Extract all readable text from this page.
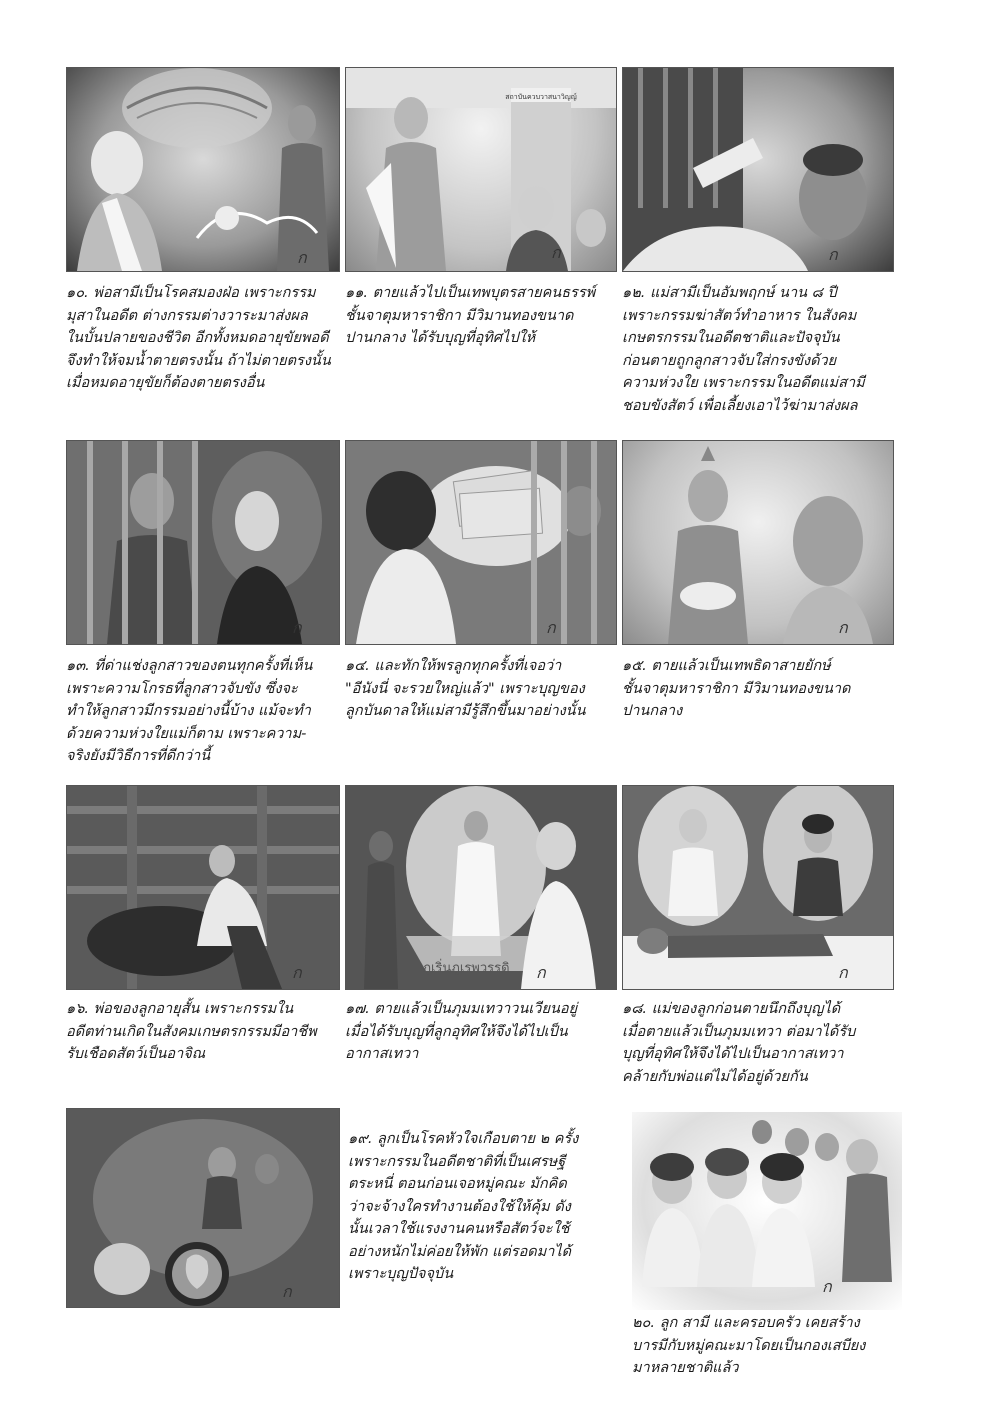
ก
สถาบันควบวาสนาวิญญ์
ก	ก
๑๐. พ่อสามีเป็นโรคสมองฝ่อ เพราะกรรม
มุสาในอดีต ต่างกรรมต่างวาระมาส่งผล
ในบั้นปลายของชีวิต อีกทั้งหมดอายุขัยพอดี
จึงทำให้จมน้ำตายตรงนั้น ถ้าไม่ตายตรงนั้น
เมื่อหมดอายุขัยก็ต้องตายตรงอื่น
๑๑. ตายแล้วไปเป็นเทพบุตรสายคนธรรพ์
ชั้นจาตุมหาราชิกา มีวิมานทองขนาด
ปานกลาง ได้รับบุญที่อุทิศไปให้
๑๒. แม่สามีเป็นอัมพฤกษ์ นาน ๘ ปี
เพราะกรรมฆ่าสัตว์ทำอาหาร ในสังคม
เกษตรกรรมในอดีตชาติและปัจจุบัน
ก่อนตายถูกลูกสาวจับใส่กรงขังด้วย
ความห่วงใย เพราะกรรมในอดีตแม่สามี
ชอบขังสัตว์ เพื่อเลี้ยงเอาไว้ฆ่ามาส่งผล
ก	ก	ก
๑๓. ที่ด่าแช่งลูกสาวของตนทุกครั้งที่เห็น
เพราะความโกรธที่ลูกสาวจับขัง ซึ่งจะ
ทำให้ลูกสาวมีกรรมอย่างนี้บ้าง แม้จะทำ
ด้วยความห่วงใยแม่ก็ตาม เพราะความ-
จริงยังมีวิธีการที่ดีกว่านี้
๑๔. และทักให้พรลูกทุกครั้งที่เจอว่า
"อีนังนี่ จะรวยใหญ่แล้ว" เพราะบุญของ
ลูกบันดาลให้แม่สามีรู้สึกขึ้นมาอย่างนั้น
๑๕. ตายแล้วเป็นเทพธิดาสายยักษ์
ชั้นจาตุมหาราชิกา มีวิมานทองขนาด
ปานกลาง
ก	ภูเริ่นภูเรพวรรดิ ก	ก
๑๖. พ่อของลูกอายุสั้น เพราะกรรมใน
อดีตท่านเกิดในสังคมเกษตรกรรมมีอาชีพ
รับเชือดสัตว์เป็นอาจิณ
๑๗. ตายแล้วเป็นภุมมเทวาวนเวียนอยู่
เมื่อได้รับบุญที่ลูกอุทิศให้จึงได้ไปเป็น
อากาสเทวา
๑๘. แม่ของลูกก่อนตายนึกถึงบุญได้
เมื่อตายแล้วเป็นภุมมเทวา ต่อมาได้รับ
บุญที่อุทิศให้จึงได้ไปเป็นอากาสเทวา
คล้ายกับพ่อแต่ไม่ได้อยู่ด้วยกัน
ก
๑๙. ลูกเป็นโรคหัวใจเกือบตาย ๒ ครั้ง
เพราะกรรมในอดีตชาติที่เป็นเศรษฐี
ตระหนี่ ตอนก่อนเจอหมู่คณะ มักคิด
ว่าจะจ้างใครทำงานต้องใช้ให้คุ้ม ดัง
นั้นเวลาใช้แรงงานคนหรือสัตว์จะใช้
อย่างหนักไม่ค่อยให้พัก แต่รอดมาได้
เพราะบุญปัจจุบัน
ก
๒๐. ลูก สามี และครอบครัว เคยสร้าง
บารมีกับหมู่คณะมาโดยเป็นกองเสบียง
มาหลายชาติแล้ว
